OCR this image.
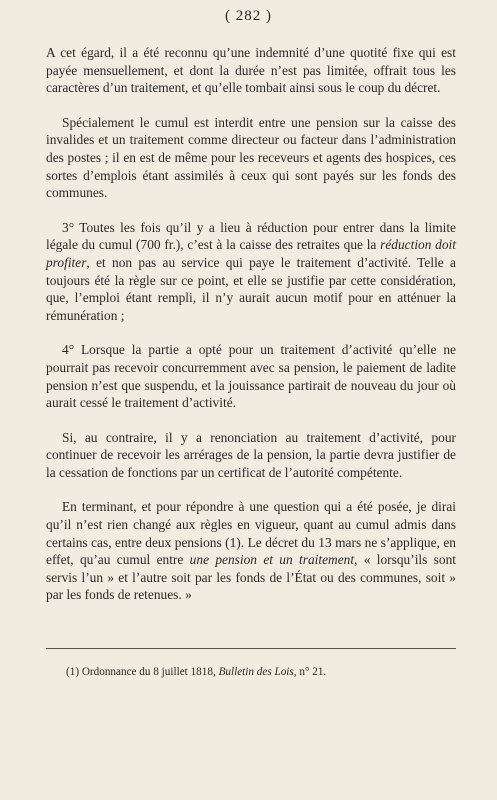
( 282 )

A cet égard, il a été reconnu qu’une indemnité d’une quotité fixe qui est payée mensuellement, et dont la durée n’est pas limitée, offrait tous les caractères d’un traitement, et qu’elle tombait ainsi sous le coup du décret.

Spécialement le cumul est interdit entre une pension sur la caisse des invalides et un traitement comme directeur ou facteur dans l’administration des postes ; il en est de même pour les receveurs et agents des hospices, ces sortes d’emplois étant assimilés à ceux qui sont payés sur les fonds des communes.

3° Toutes les fois qu’il y a lieu à réduction pour entrer dans la limite légale du cumul (700 fr.), c’est à la caisse des retraites que la réduction doit profiter, et non pas au service qui paye le traitement d’activité. Telle a toujours été la règle sur ce point, et elle se justifie par cette considération, que, l’emploi étant rempli, il n’y aurait aucun motif pour en atténuer la rémunération ;

4° Lorsque la partie a opté pour un traitement d’activité qu’elle ne pourrait pas recevoir concurremment avec sa pension, le paiement de ladite pension n’est que suspendu, et la jouissance partirait de nouveau du jour où aurait cessé le traitement d’activité.

Si, au contraire, il y a renonciation au traitement d’activité, pour continuer de recevoir les arrérages de la pension, la partie devra justifier de la cessation de fonctions par un certificat de l’autorité compétente.

En terminant, et pour répondre à une question qui a été posée, je dirai qu’il n’est rien changé aux règles en vigueur, quant au cumul admis dans certains cas, entre deux pensions (1). Le décret du 13 mars ne s’applique, en effet, qu’au cumul entre une pension et un traitement, « lorsqu’ils sont servis l’un » et l’autre soit par les fonds de l’État ou des communes, soit » par les fonds de retenues. »

(1) Ordonnance du 8 juillet 1818, Bulletin des Lois, n° 21.
